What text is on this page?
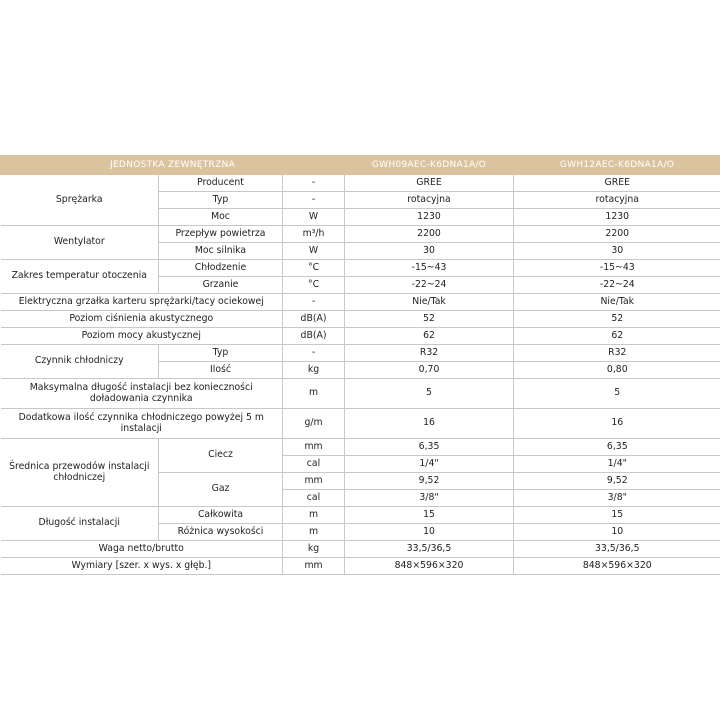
JEDNOSTKA ZEWNĘTRZNA			GWH09AEC-K6DNA1A/O	GWH12AEC-K6DNA1A/O
Sprężarka	Producent	-	GREE	GREE
	Typ	-	rotacyjna	rotacyjna
	Moc	W	1230	1230
Wentylator	Przepływ powietrza	m³/h	2200	2200
	Moc silnika	W	30	30
Zakres temperatur otoczenia	Chłodzenie	°C	-15~43	-15~43
	Grzanie	°C	-22~24	-22~24
Elektryczna grzałka karteru sprężarki/tacy ociekowej		-	Nie/Tak	Nie/Tak
Poziom ciśnienia akustycznego		dB(A)	52	52
Poziom mocy akustycznej		dB(A)	62	62
Czynnik chłodniczy	Typ	-	R32	R32
	Ilość	kg	0,70	0,80
Maksymalna długość instalacji bez konieczności doładowania czynnika		m	5	5
Dodatkowa ilość czynnika chłodniczego powyżej 5 m instalacji		g/m	16	16
Średnica przewodów instalacji chłodniczej	Ciecz	mm	6,35	6,35
		cal	1/4"	1/4"
	Gaz	mm	9,52	9,52
		cal	3/8"	3/8"
Długość instalacji	Całkowita	m	15	15
	Różnica wysokości	m	10	10
Waga netto/brutto		kg	33,5/36,5	33,5/36,5
Wymiary [szer. x wys. x głęb.]		mm	848×596×320	848×596×320
